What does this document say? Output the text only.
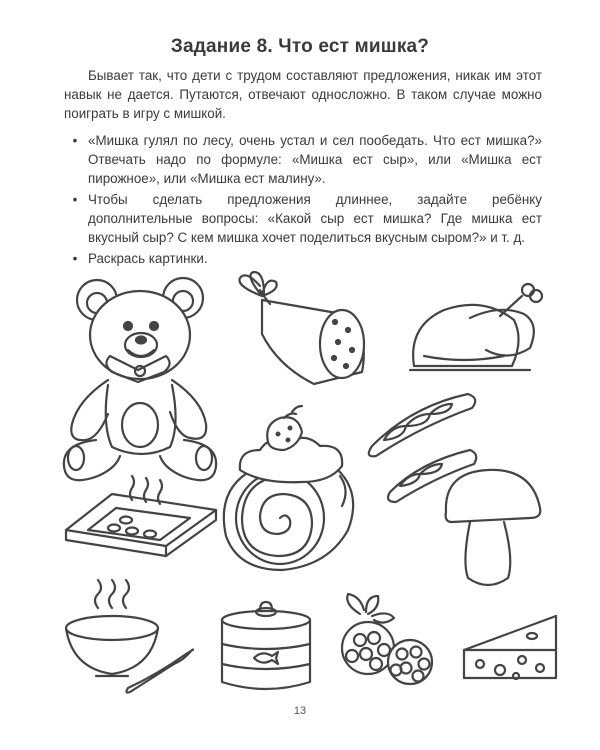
Задание 8. Что ест мишка?

Бывает так, что дети с трудом составляют предложения, никак им этот навык не дается. Путаются, отвечают односложно. В таком случае можно поиграть в игру с мишкой.

• «Мишка гулял по лесу, очень устал и сел пообедать. Что ест мишка?» Отвечать надо по формуле: «Мишка ест сыр», или «Мишка ест пирожное», или «Мишка ест малину».
• Чтобы сделать предложения длиннее, задайте ребёнку дополнительные вопросы: «Какой сыр ест мишка? Где мишка ест вкусный сыр? С кем мишка хочет поделиться вкусным сыром?» и т. д.
• Раскрась картинки.
13
